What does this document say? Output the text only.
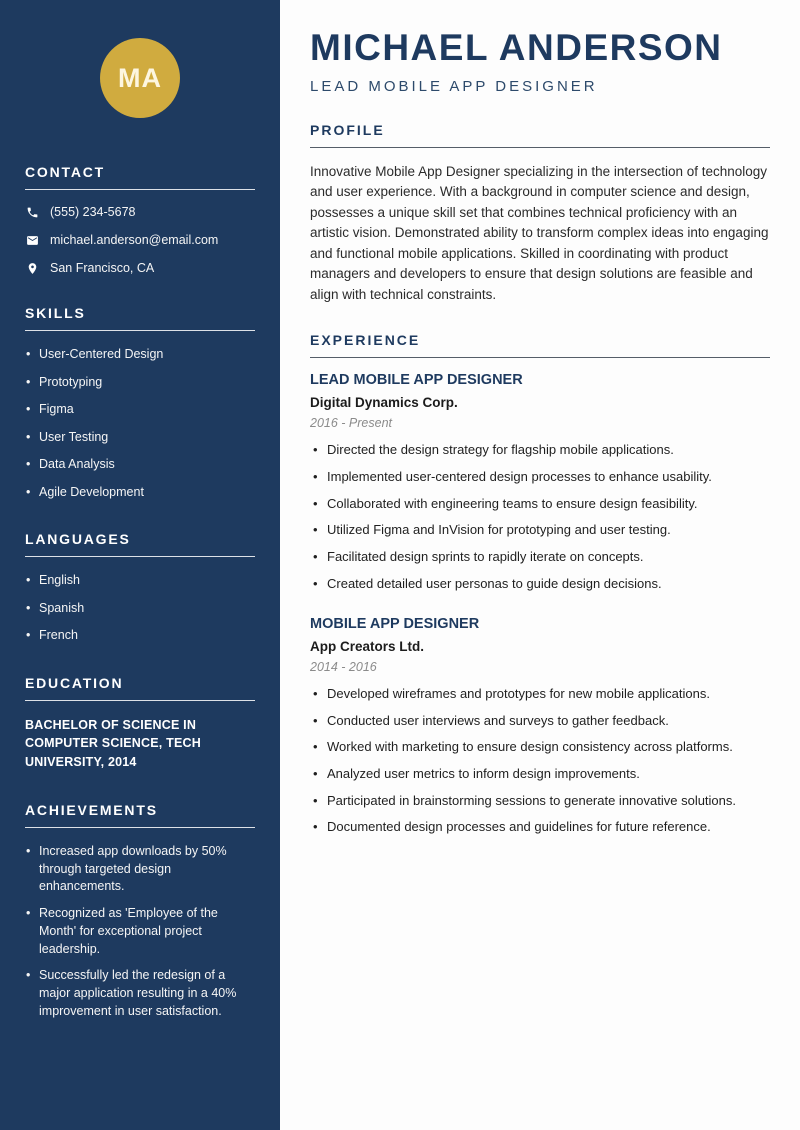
MA
CONTACT
(555) 234-5678
michael.anderson@email.com
San Francisco, CA
SKILLS
• User-Centered Design
• Prototyping
• Figma
• User Testing
• Data Analysis
• Agile Development
LANGUAGES
• English
• Spanish
• French
EDUCATION
BACHELOR OF SCIENCE IN COMPUTER SCIENCE, TECH UNIVERSITY, 2014
ACHIEVEMENTS
• Increased app downloads by 50% through targeted design enhancements.
• Recognized as 'Employee of the Month' for exceptional project leadership.
• Successfully led the redesign of a major application resulting in a 40% improvement in user satisfaction.
MICHAEL ANDERSON
LEAD MOBILE APP DESIGNER
PROFILE

Innovative Mobile App Designer specializing in the intersection of technology and user experience. With a background in computer science and design, possesses a unique skill set that combines technical proficiency with an artistic vision. Demonstrated ability to transform complex ideas into engaging and functional mobile applications. Skilled in coordinating with product managers and developers to ensure that design solutions are feasible and align with technical constraints.

EXPERIENCE
LEAD MOBILE APP DESIGNER
Digital Dynamics Corp.
2016 - Present
• Directed the design strategy for flagship mobile applications.
• Implemented user-centered design processes to enhance usability.
• Collaborated with engineering teams to ensure design feasibility.
• Utilized Figma and InVision for prototyping and user testing.
• Facilitated design sprints to rapidly iterate on concepts.
• Created detailed user personas to guide design decisions.
MOBILE APP DESIGNER
App Creators Ltd.
2014 - 2016
• Developed wireframes and prototypes for new mobile applications.
• Conducted user interviews and surveys to gather feedback.
• Worked with marketing to ensure design consistency across platforms.
• Analyzed user metrics to inform design improvements.
• Participated in brainstorming sessions to generate innovative solutions.
• Documented design processes and guidelines for future reference.
